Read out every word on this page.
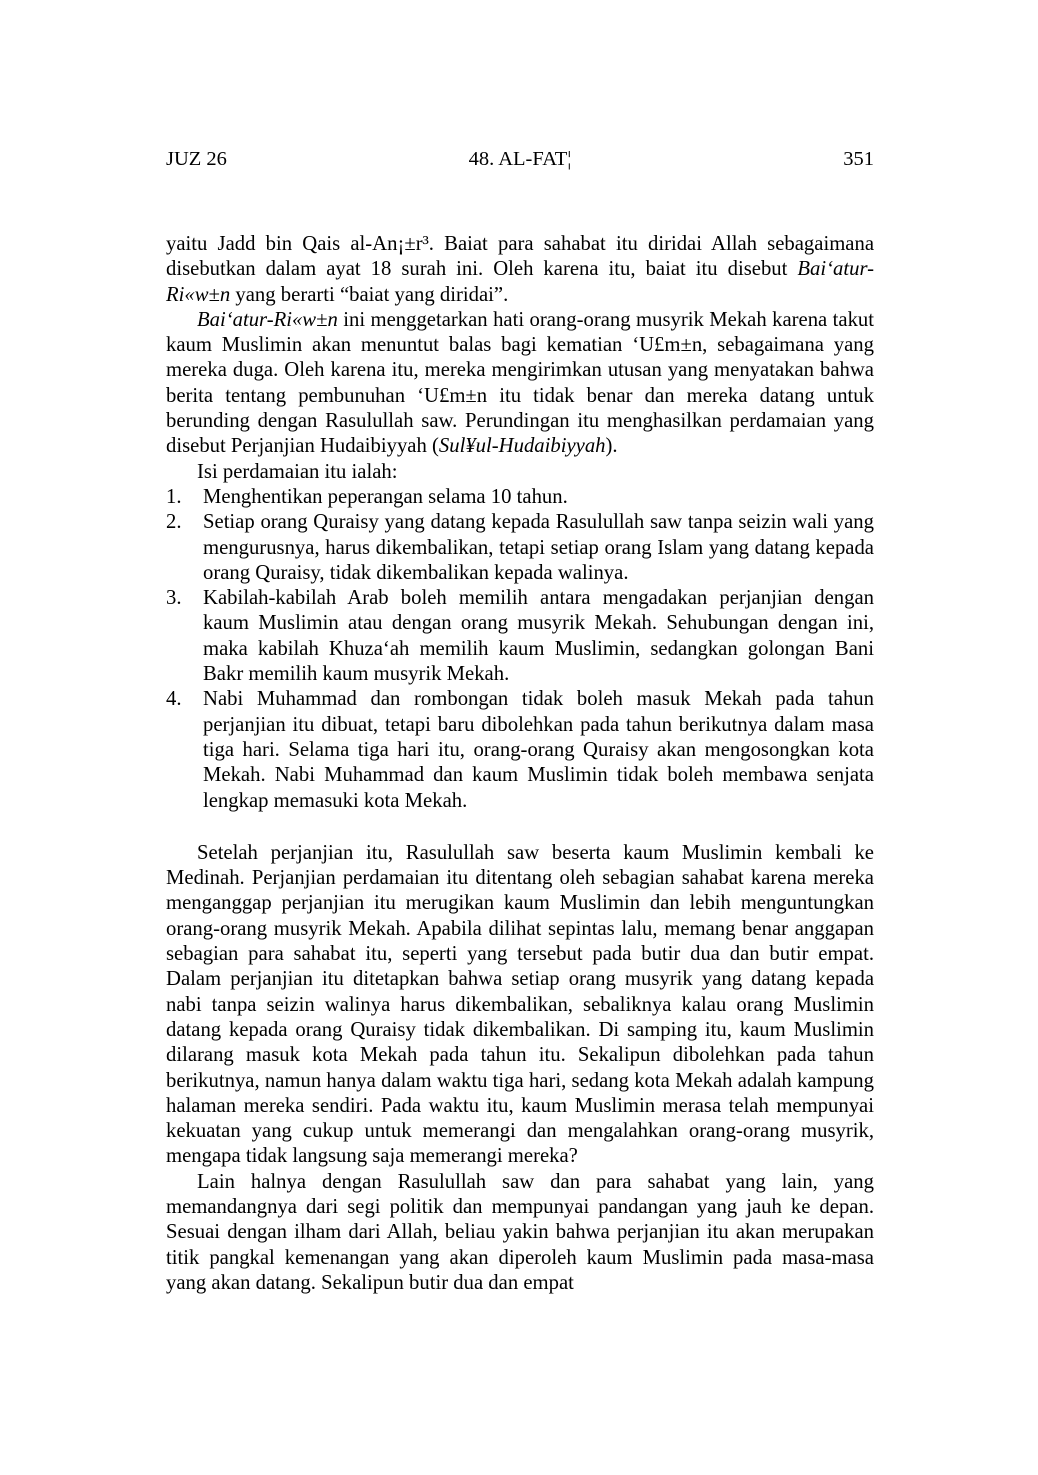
JUZ 26	48. AL-FAT¦	351

yaitu Jadd bin Qais al-An¡±r³. Baiat para sahabat itu diridai Allah sebagaimana disebutkan dalam ayat 18 surah ini. Oleh karena itu, baiat itu disebut Bai‘atur-Ri«w±n yang berarti “baiat yang diridai”.

Bai‘atur-Ri«w±n ini menggetarkan hati orang-orang musyrik Mekah karena takut kaum Muslimin akan menuntut balas bagi kematian ‘U£m±n, sebagaimana yang mereka duga. Oleh karena itu, mereka mengirimkan utusan yang menyatakan bahwa berita tentang pembunuhan ‘U£m±n itu tidak benar dan mereka datang untuk berunding dengan Rasulullah saw. Perundingan itu menghasilkan perdamaian yang disebut Perjanjian Hudaibiyyah (Sul¥ul-Hudaibiyyah).

Isi perdamaian itu ialah:

1. Menghentikan peperangan selama 10 tahun.
2. Setiap orang Quraisy yang datang kepada Rasulullah saw tanpa seizin wali yang mengurusnya, harus dikembalikan, tetapi setiap orang Islam yang datang kepada orang Quraisy, tidak dikembalikan kepada walinya.
3. Kabilah-kabilah Arab boleh memilih antara mengadakan perjanjian dengan kaum Muslimin atau dengan orang musyrik Mekah. Sehubungan dengan ini, maka kabilah Khuza‘ah memilih kaum Muslimin, sedangkan golongan Bani Bakr memilih kaum musyrik Mekah.
4. Nabi Muhammad dan rombongan tidak boleh masuk Mekah pada tahun perjanjian itu dibuat, tetapi baru dibolehkan pada tahun berikutnya dalam masa tiga hari. Selama tiga hari itu, orang-orang Quraisy akan mengosongkan kota Mekah. Nabi Muhammad dan kaum Muslimin tidak boleh membawa senjata lengkap memasuki kota Mekah.

Setelah perjanjian itu, Rasulullah saw beserta kaum Muslimin kembali ke Medinah. Perjanjian perdamaian itu ditentang oleh sebagian sahabat karena mereka menganggap perjanjian itu merugikan kaum Muslimin dan lebih menguntungkan orang-orang musyrik Mekah. Apabila dilihat sepintas lalu, memang benar anggapan sebagian para sahabat itu, seperti yang tersebut pada butir dua dan butir empat. Dalam perjanjian itu ditetapkan bahwa setiap orang musyrik yang datang kepada nabi tanpa seizin walinya harus dikembalikan, sebaliknya kalau orang Muslimin datang kepada orang Quraisy tidak dikembalikan. Di samping itu, kaum Muslimin dilarang masuk kota Mekah pada tahun itu. Sekalipun dibolehkan pada tahun berikutnya, namun hanya dalam waktu tiga hari, sedang kota Mekah adalah kampung halaman mereka sendiri. Pada waktu itu, kaum Muslimin merasa telah mempunyai kekuatan yang cukup untuk memerangi dan mengalahkan orang-orang musyrik, mengapa tidak langsung saja memerangi mereka?

Lain halnya dengan Rasulullah saw dan para sahabat yang lain, yang memandangnya dari segi politik dan mempunyai pandangan yang jauh ke depan. Sesuai dengan ilham dari Allah, beliau yakin bahwa perjanjian itu akan merupakan titik pangkal kemenangan yang akan diperoleh kaum Muslimin pada masa-masa yang akan datang. Sekalipun butir dua dan empat
